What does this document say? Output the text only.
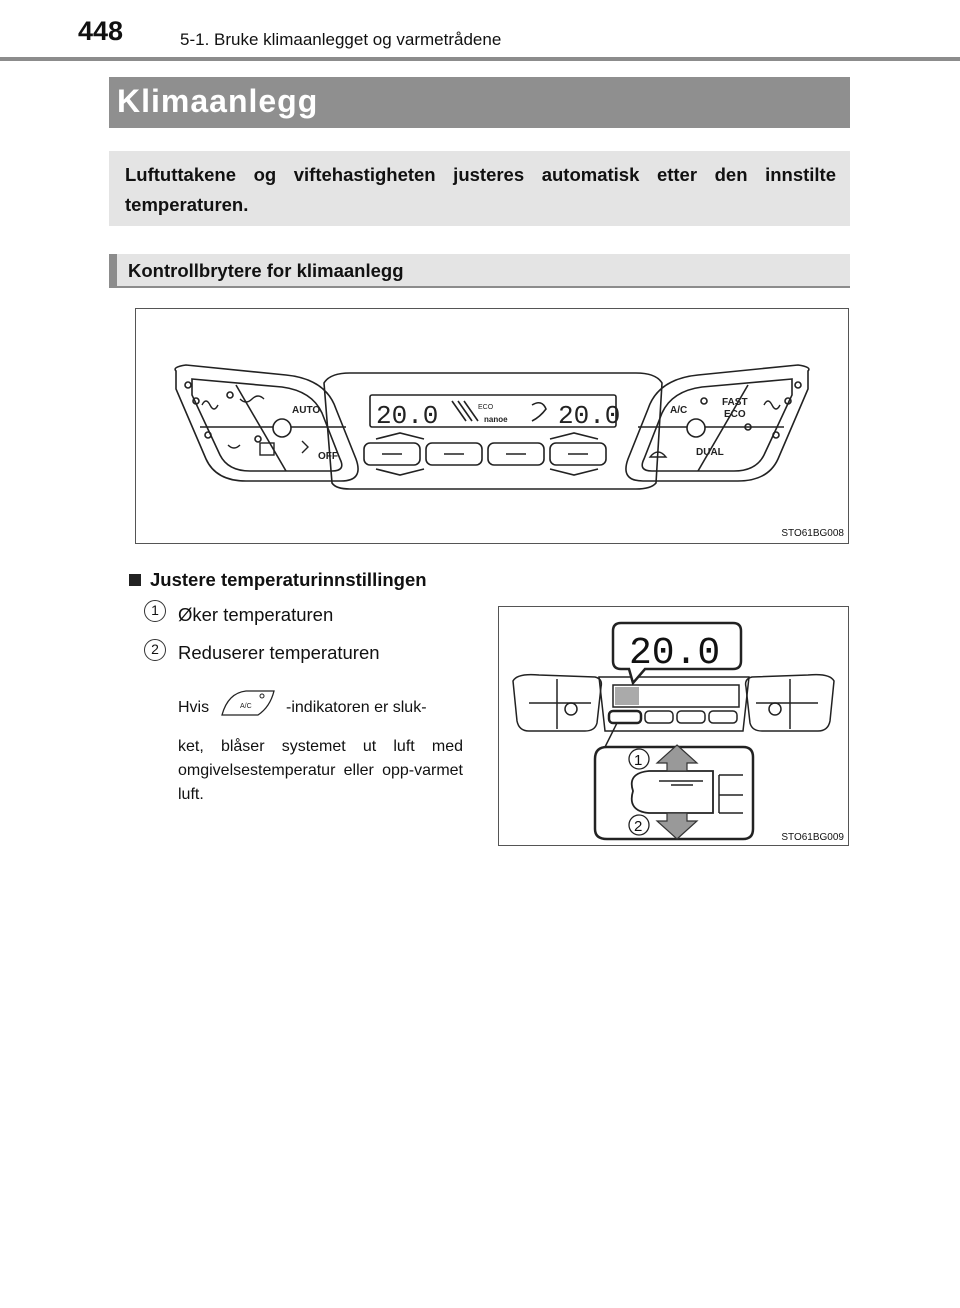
448	5-1. Bruke klimaanlegget og varmetrådene
Klimaanlegg

Luftuttakene og viftehastigheten justeres automatisk etter den innstilte temperaturen.

Kontrollbrytere for klimaanlegg
20.0	20.0
ECO
nanoe
AUTO
OFF
A/C
FAST
ECO
DUAL
STO61BG008
Justere temperaturinnstillingen
1	Øker temperaturen
2	Reduserer temperaturen
Hvis	A/C -indikatoren er sluk-
ket, blåser systemet ut luft med omgivelsestemperatur eller opp-varmet luft.
20.0
1
2
STO61BG009
